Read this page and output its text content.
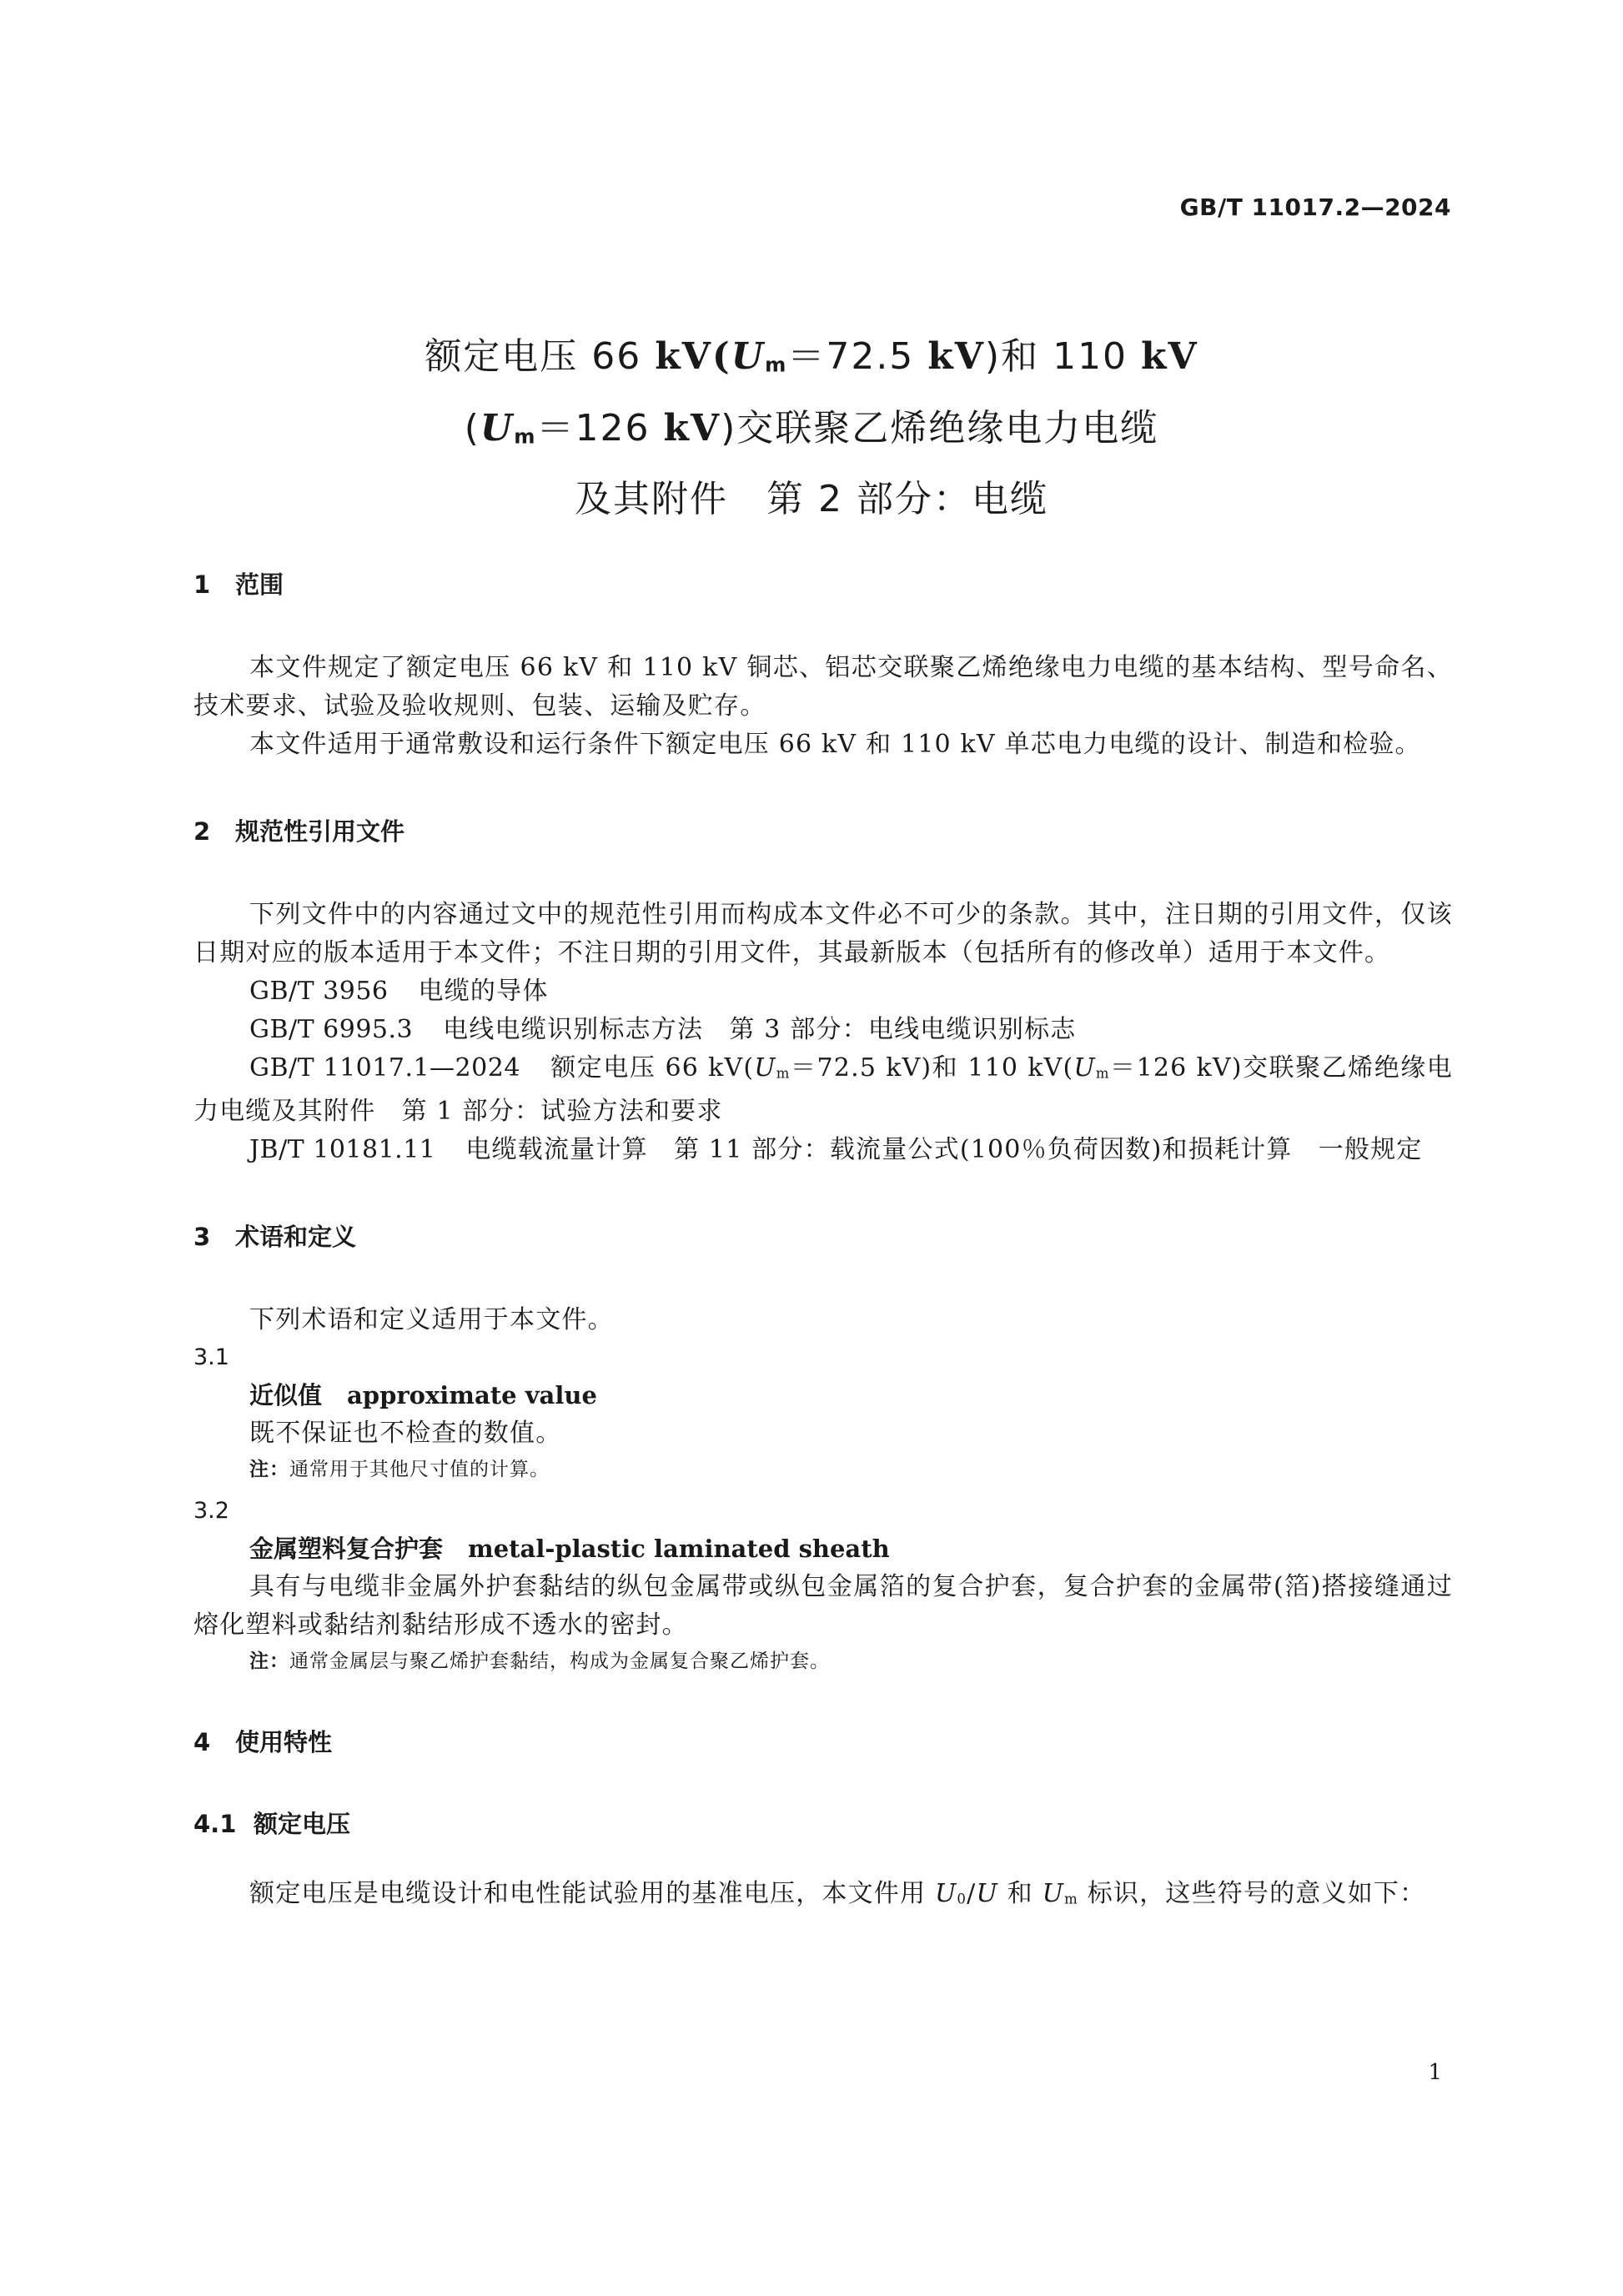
GB/T 11017.2—2024
额定电压 66 $kV(U_m=72.5$ kV)和 110 kV
($U_m=126$ kV)交联聚乙烯绝缘电力电缆
及其附件　第 2 部分：电缆
1 范围

本文件规定了额定电压 66 kV 和 110 kV 铜芯、铝芯交联聚乙烯绝缘电力电缆的基本结构、型号命名、技术要求、试验及验收规则、包装、运输及贮存。

本文件适用于通常敷设和运行条件下额定电压 66 kV 和 110 kV 单芯电力电缆的设计、制造和检验。

2 规范性引用文件

下列文件中的内容通过文中的规范性引用而构成本文件必不可少的条款。其中，注日期的引用文件，仅该日期对应的版本适用于本文件；不注日期的引用文件，其最新版本（包括所有的修改单）适用于本文件。

GB/T 3956 电缆的导体

GB/T 6995.3 电线电缆识别标志方法　第 3 部分：电线电缆识别标志

GB/T 11017.1—2024 额定电压 66 $kV(U_m=72.5$ kV)和 110 $kV(U_m=126$ kV)交联聚乙烯绝缘电力电缆及其附件　第 1 部分：试验方法和要求

JB/T 10181.11 电缆载流量计算　第 11 部分：载流量公式(100％负荷因数)和损耗计算　一般规定

3 术语和定义

下列术语和定义适用于本文件。

3.1

近似值 approximate value

既不保证也不检查的数值。

注：通常用于其他尺寸值的计算。

3.2

金属塑料复合护套 metal-plastic laminated sheath

具有与电缆非金属外护套黏结的纵包金属带或纵包金属箔的复合护套，复合护套的金属带(箔)搭接缝通过熔化塑料或黏结剂黏结形成不透水的密封。

注：通常金属层与聚乙烯护套黏结，构成为金属复合聚乙烯护套。

4 使用特性
4.1 额定电压

额定电压是电缆设计和电性能试验用的基准电压，本文件用 $U_0/U$ 和 $U_m$ 标识，这些符号的意义如下：

1
